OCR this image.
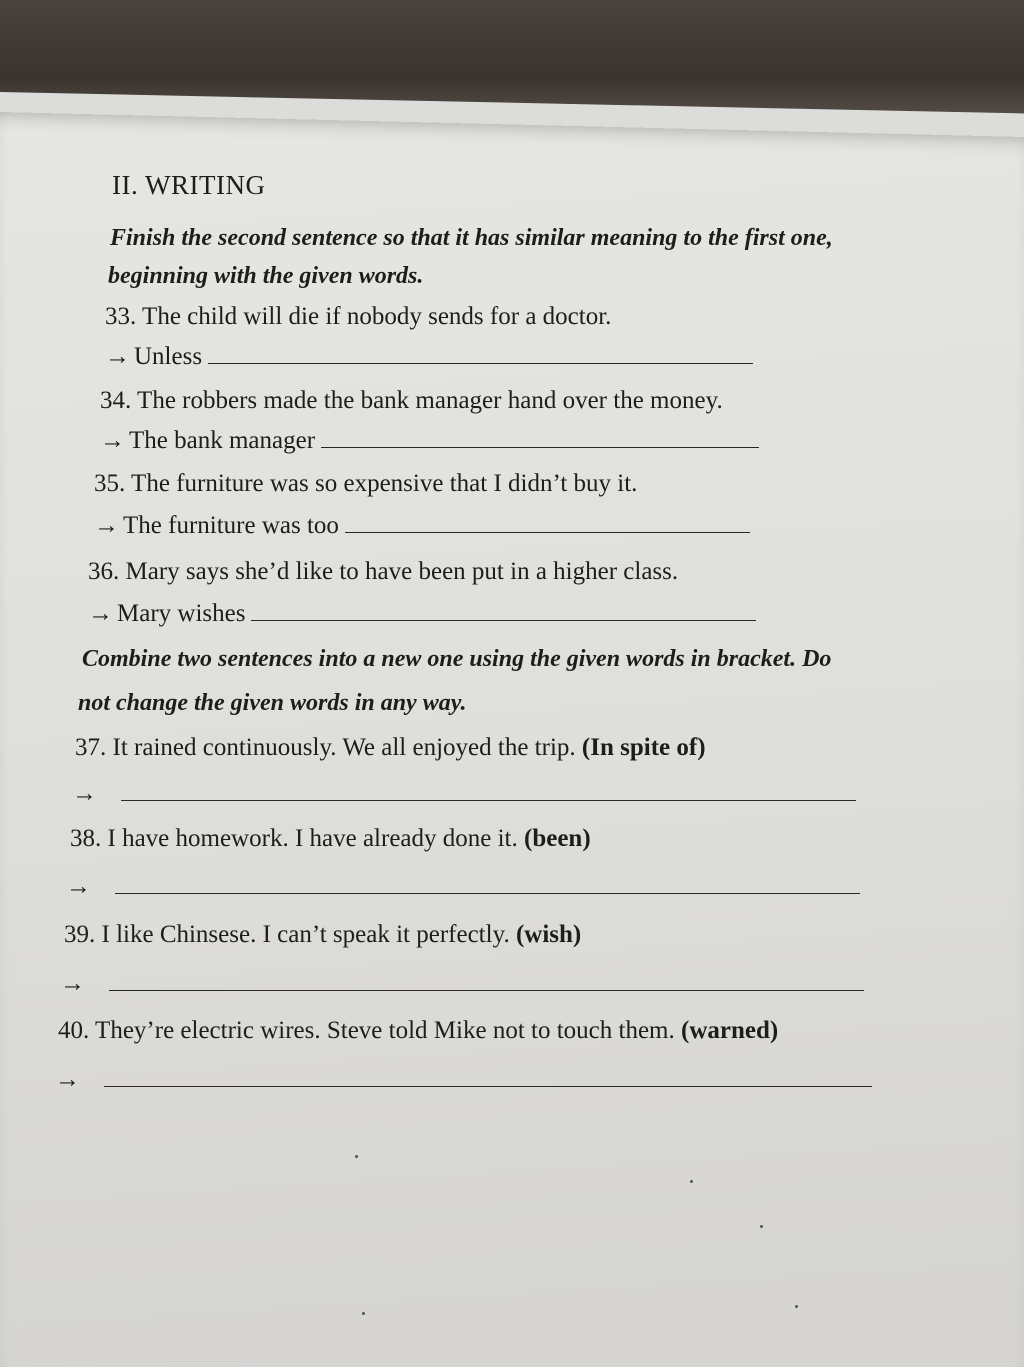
II. WRITING
Finish the second sentence so that it has similar meaning to the first one,
beginning with the given words.
33. The child will die if nobody sends for a doctor.
→ Unless
34. The robbers made the bank manager hand over the money.
→ The bank manager
35. The furniture was so expensive that I didn’t buy it.
→ The furniture was too
36. Mary says she’d like to have been put in a higher class.
→ Mary wishes
Combine two sentences into a new one using the given words in bracket. Do
not change the given words in any way.
37. It rained continuously. We all enjoyed the trip. (In spite of)
→
38. I have homework. I have already done it. (been)
→
39. I like Chinsese. I can’t speak it perfectly. (wish)
→
40. They’re electric wires. Steve told Mike not to touch them. (warned)
→
